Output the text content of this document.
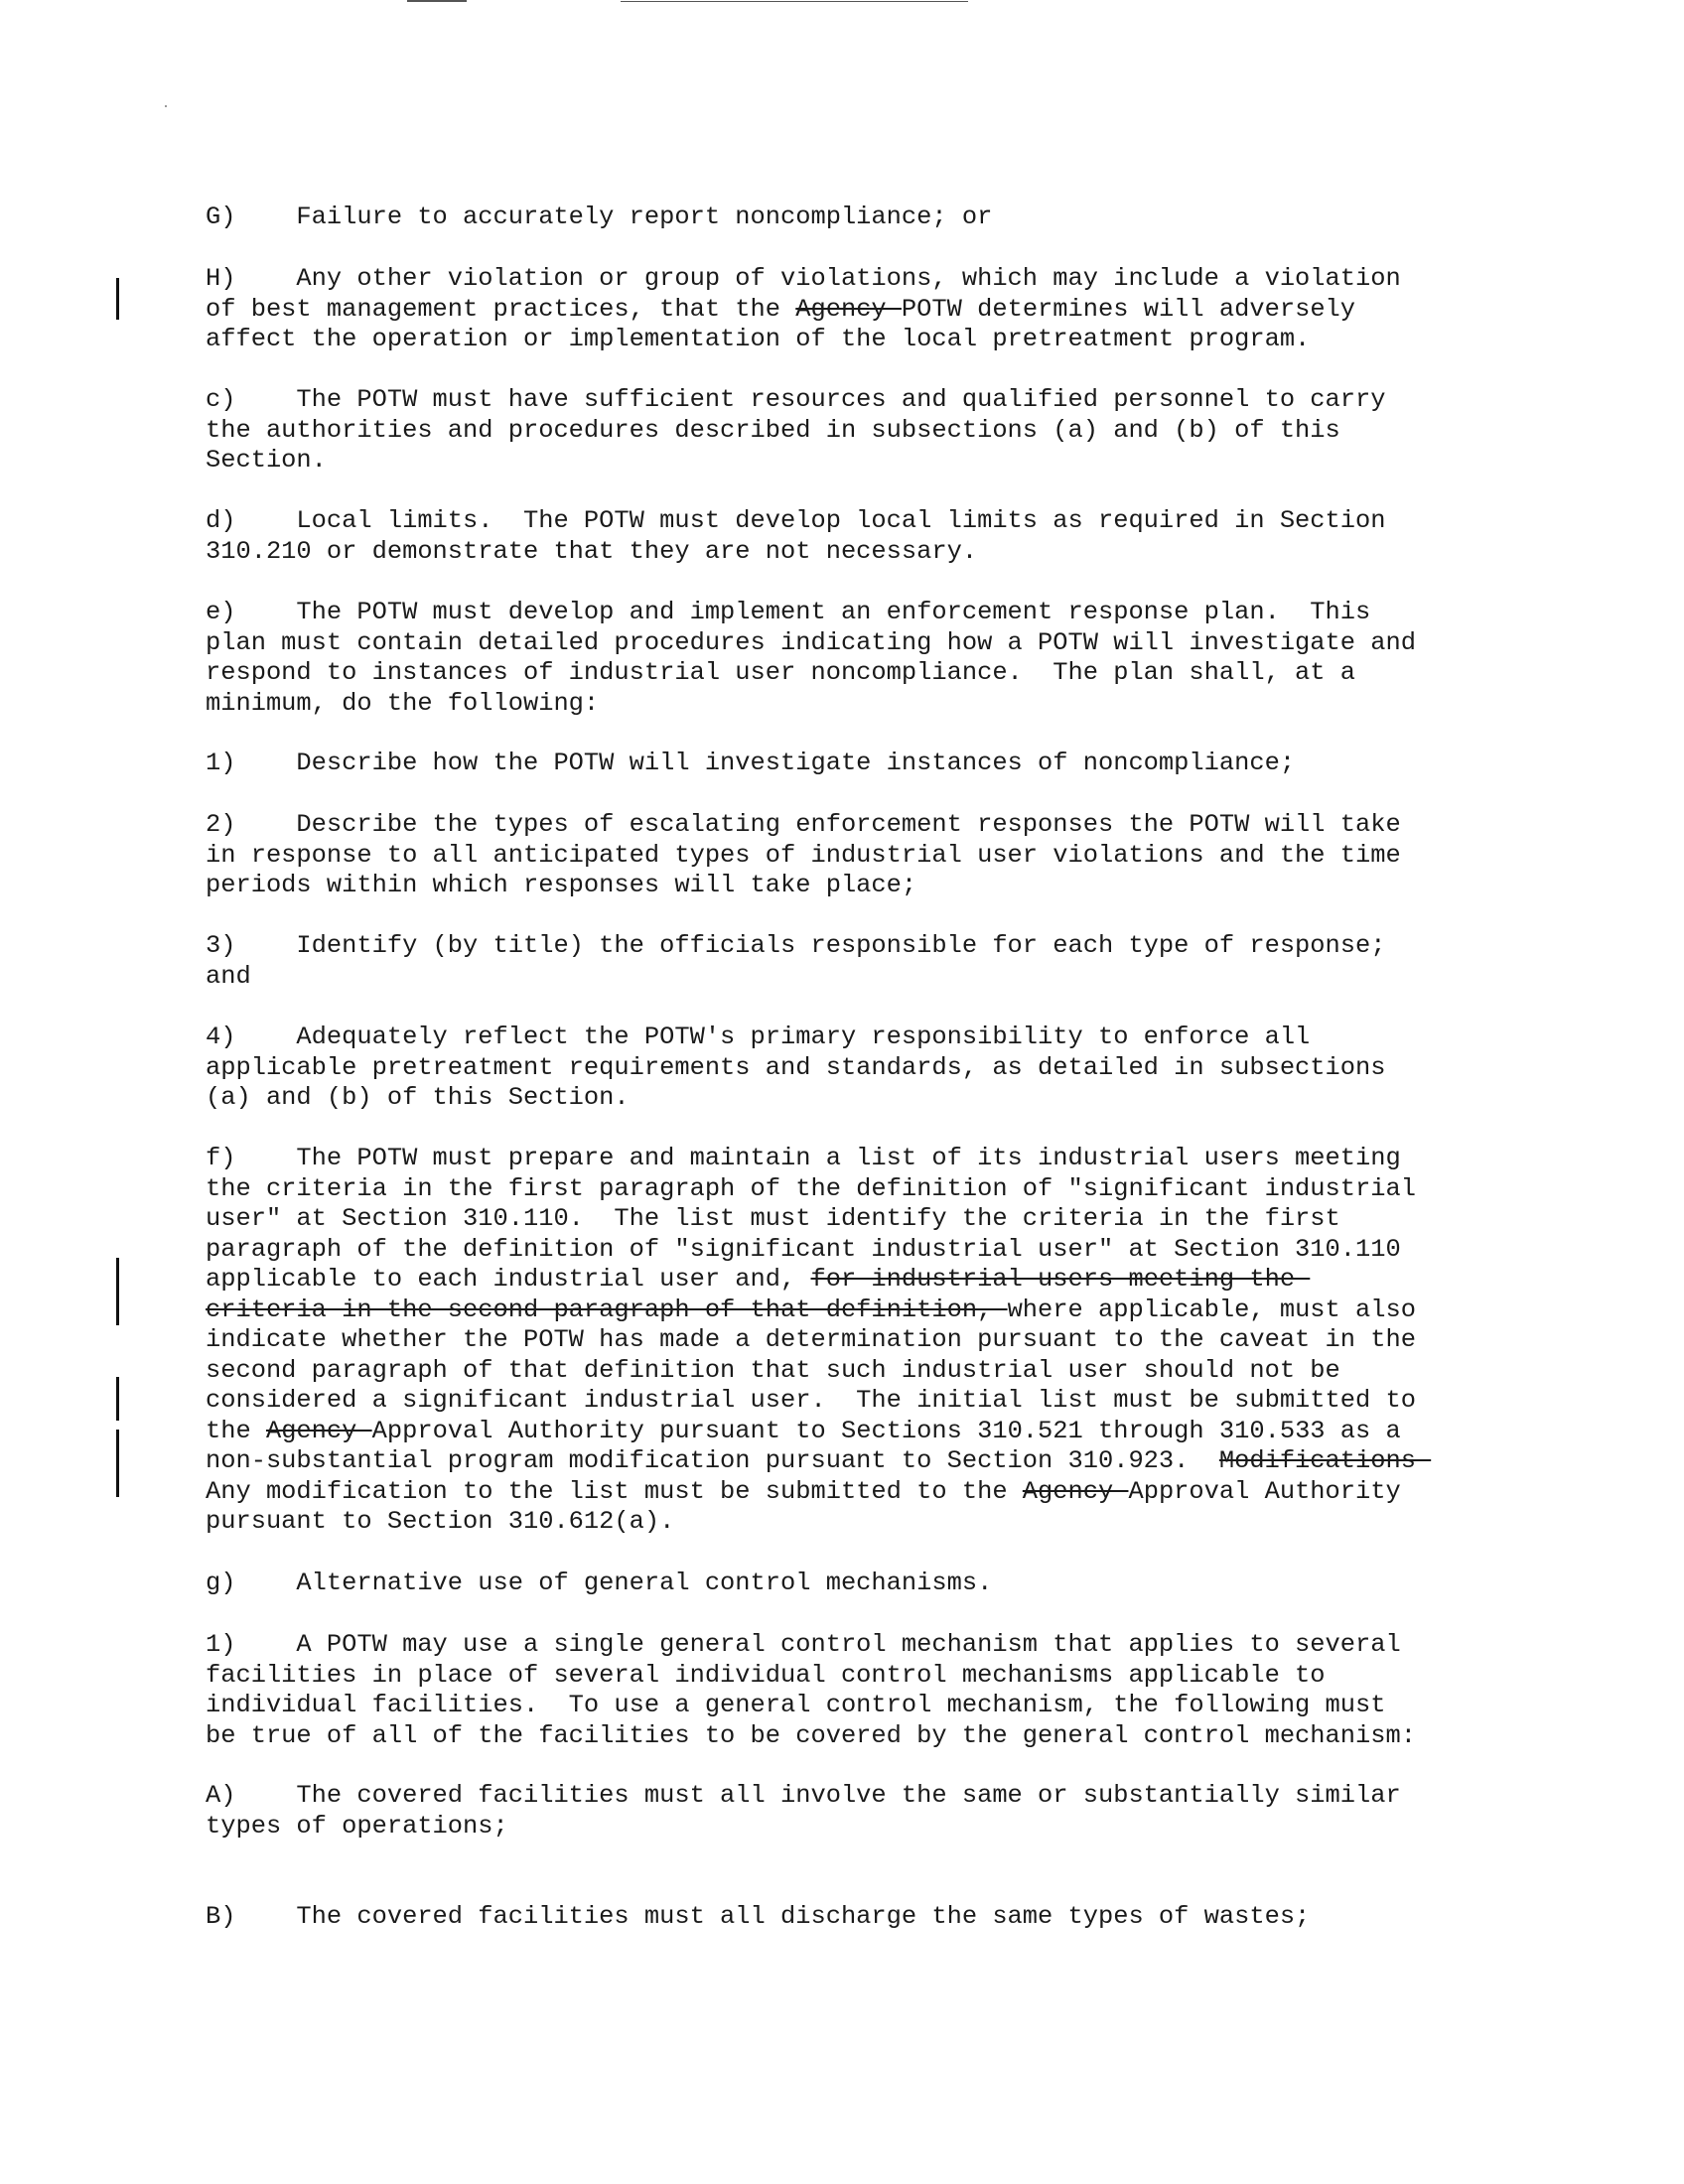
G)    Failure to accurately report noncompliance; or
H)    Any other violation or group of violations, which may include a violation
of best management practices, that the Agency POTW determines will adversely
affect the operation or implementation of the local pretreatment program.
c)    The POTW must have sufficient resources and qualified personnel to carry
the authorities and procedures described in subsections (a) and (b) of this
Section.
d)    Local limits.  The POTW must develop local limits as required in Section
310.210 or demonstrate that they are not necessary.
e)    The POTW must develop and implement an enforcement response plan.  This
plan must contain detailed procedures indicating how a POTW will investigate and
respond to instances of industrial user noncompliance.  The plan shall, at a
minimum, do the following:
1)    Describe how the POTW will investigate instances of noncompliance;
2)    Describe the types of escalating enforcement responses the POTW will take
in response to all anticipated types of industrial user violations and the time
periods within which responses will take place;
3)    Identify (by title) the officials responsible for each type of response;
and
4)    Adequately reflect the POTW's primary responsibility to enforce all
applicable pretreatment requirements and standards, as detailed in subsections
(a) and (b) of this Section.
f)    The POTW must prepare and maintain a list of its industrial users meeting
the criteria in the first paragraph of the definition of "significant industrial
user" at Section 310.110.  The list must identify the criteria in the first
paragraph of the definition of "significant industrial user" at Section 310.110
applicable to each industrial user and, for industrial users meeting the
criteria in the second paragraph of that definition, where applicable, must also
indicate whether the POTW has made a determination pursuant to the caveat in the
second paragraph of that definition that such industrial user should not be
considered a significant industrial user.  The initial list must be submitted to
the Agency Approval Authority pursuant to Sections 310.521 through 310.533 as a
non-substantial program modification pursuant to Section 310.923.  Modifications
Any modification to the list must be submitted to the Agency Approval Authority
pursuant to Section 310.612(a).
g)    Alternative use of general control mechanisms.
1)    A POTW may use a single general control mechanism that applies to several
facilities in place of several individual control mechanisms applicable to
individual facilities.  To use a general control mechanism, the following must
be true of all of the facilities to be covered by the general control mechanism:
A)    The covered facilities must all involve the same or substantially similar
types of operations;
B)    The covered facilities must all discharge the same types of wastes;
